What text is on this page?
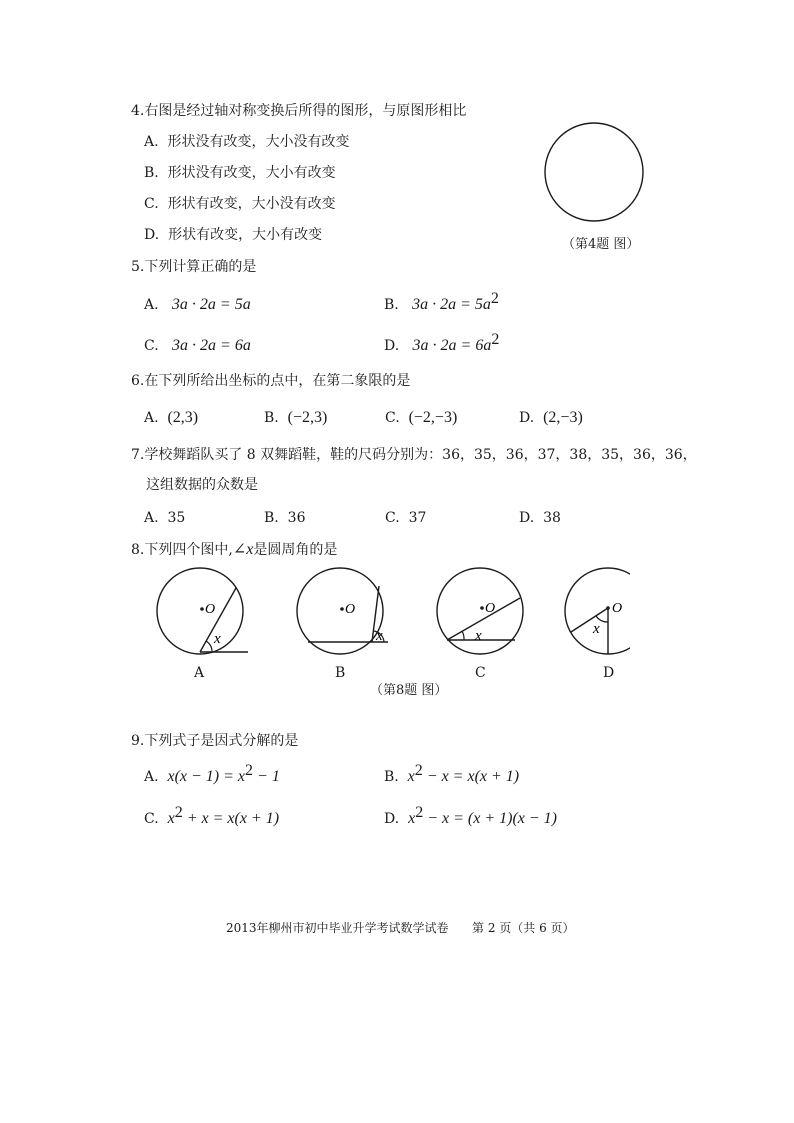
4.右图是经过轴对称变换后所得的图形，与原图形相比
A. 形状没有改变，大小没有改变
B. 形状没有改变，大小有改变
C. 形状有改变，大小没有改变
D. 形状有改变，大小有改变
（第4题 图）
5.下列计算正确的是
A. 3a · 2a = 5a	B. $3a \cdot 2a = 5a^2$
C. 3a · 2a = 6a	D. $3a \cdot 2a = 6a^2$
6.在下列所给出坐标的点中，在第二象限的是
A. (2,3)	B. (−2,3)	C. (−2,−3)	D. (2,−3)
7.学校舞蹈队买了 8 双舞蹈鞋，鞋的尺码分别为：36，35，36，37，38，35，36，36，
这组数据的众数是
A. 35	B. 36	C. 37	D. 38
8.下列四个图中,∠x是圆周角的是
O
x
O
x
O
x
O
x
A	B	C	D
（第8题 图）
9.下列式子是因式分解的是
A. $x(x - 1) = x^2 - 1$	B. $x^2 - x = x(x + 1)$
C. $x^2 + x = x(x + 1)$	D. $x^2 - x = (x + 1)(x - 1)$
2013年柳州市初中毕业升学考试数学试卷 第 2 页（共 6 页）
